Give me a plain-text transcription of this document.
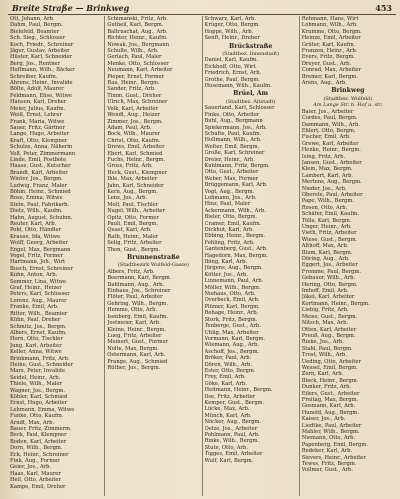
Breite Straße — Brinkweg	453
Ott, Johann, Arb.
Dahm, Paul, Bergm.
Bielefeld, Beamter
Sch. Sieg., Schlosser
Koch, Friedr., Schreiner
Jäger, Gustav, Arbeiter
Hüster, Karl, Schneider
Berg, Jos., Rentner
Hoffmann, Wilh., Bäcker
Schreiber, Kaufm.
Ahrens, Heinr., Invalide
Bölte, Adolf, Maurer
Feldmann, Elise, Witwe
Hansen, Karl, Dreher
Meier, Julius, Kaufm.
Weiß, Ernst, Lehrer
Frank, Maria, Witwe
Sauer, Fritz, Gärtner
Lange, Hugo, Arbeiter
Kraft, Otto, Klempner
Schulze, Anna, Näherin
Voß, Peter, Zimmermann
Linde, Emil, Postbote
Haase, Gust., Kutscher
Brandt, Karl, Arbeiter
Winter, Jos., Bergm.
Ludwig, Franz, Maler
Böhm, Heinr., Schmied
Rose, Emma, Witwe
Stein, Paul, Fabrikarb.
Dietz, Wilh., Kaufm.
Hahn, August, Schuhm.
Reuter, Karl, Arb.
Pohl, Otto, Händler
Krause, Ida, Witwe
Wolff, Georg, Arbeiter
Engel, Max, Bergmann
Vogel, Fritz, Former
Hartmann, Joh., Wirt
Busch, Ernst, Schreiner
Kuhn, Anton, Arb.
Sommer, Lina, Witwe
Graf, Heinr., Heizer
Peters, Karl, Schlosser
Lorenz, Aug., Maurer
Franke, Emil, Arb.
Ritter, Wilh., Beamter
Kühn, Paul, Dreher
Schmitz, Jos., Bergm.
Albers, Ernst, Kaufm.
Horn, Otto, Tischler
Jung, Karl, Arbeiter
Keller, Anna, Witwe
Brinkmann, Fritz, Arb.
Heine, Gust., Schneider
Marx, Peter, Invalide
Seidel, Heinr., Arb.
Thiele, Wilh., Maler
Wagner, Jos., Bergm.
Köhler, Karl, Schmied
Ernst, Hugo, Arbeiter
Lehmann, Emma, Witwe
Funke, Otto, Kaufm.
Arndt, Max, Arb.
Bauer, Fritz, Zimmerm.
Beck, Paul, Klempner
Boden, Karl, Arbeiter
Dorn, Wilh., Bergm.
Eck, Heinr., Schreiner
Fink, Aug., Former
Geier, Jos., Arb.
Haas, Karl, Maurer
Heil, Otto, Arbeiter
Kampe, Emil, Dreher
Schimanski, Fritz, Arb.
Gutheil, Karl, Bergm.
Baltruschat, Aug., Arb.
Richter, Heinr., Kaufm.
Nowak, Jos., Bergmann
Schulte, Wilh., Arb.
Gerlach, Paul, Maler
Menke, Otto, Schlosser
Neumann, Karl, Arbeiter
Pieper, Ernst, Former
Rau, Heinr., Bergm.
Sander, Fritz, Arb.
Timm, Gust., Dreher
Ulrich, Max, Schreiner
Volk, Karl, Arbeiter
Wendt, Aug., Heizer
Zimmer, Jos., Bergm.
Adam, Paul, Arb.
Bock, Wilh., Maurer
Christ, Otto, Kaufm.
Drews, Emil, Arbeiter
Ebert, Karl, Schmied
Fuchs, Heinr., Bergm.
Gross, Fritz, Arb.
Heck, Gust., Klempner
Ihle, Max, Arbeiter
Jahn, Karl, Schneider
Kern, Aug., Bergm.
Lenz, Jos., Arb.
Moll, Paul, Tischler
Nagel, Wilh., Arbeiter
Opitz, Otto, Former
Pauli, Emil, Bergm.
Quast, Karl, Arb.
Rath, Heinr., Maler
Selig, Fritz, Arbeiter
Thon, Gust., Bergm.
Brunnenstraße
(Stadtbezirk Wulfeld-Gasse)
Albers, Fritz, Arb.
Beermann, Karl, Bergm.
Dahlmann, Aug., Arb.
Einhaus, Jos., Schreiner
Flöter, Paul, Arbeiter
Gehring, Wilh., Bergm.
Hemme, Otto, Arb.
Isenberg, Emil, Kaufm.
Jostmeier, Karl, Arb.
Kleine, Heinr., Bergm.
Lueg, Fritz, Arbeiter
Meinert, Gust., Former
Nolte, Max, Bergm.
Ostermann, Karl, Arb.
Prange, Aug., Schmied
Rüther, Jos., Bergm.
Schwarz, Karl, Arb.
Krüger, Otto, Bergm.
Hoppe, Wilh., Arb.
Senft, Heinr., Dreher
Brückstraße
(Stadtbez. Innenstadt)
Daniel, Karl, Kaufm.
Eickhoff, Otto, Wirt
Friedrich, Ernst, Arb.
Grothe, Paul, Bergm.
Husemann, Wilh., Kaufm.
Brüel, Am
(Stadtbez. Altstadt)
Sauerland, Karl, Schlosser
Finke, Otto, Arbeiter
Buhl, Aug., Bergmann
Spiekermann, Jos., Arb.
Schulte, Paul, Kaufm.
Hollmann, Wilh., Arb.
Wolter, Emil, Bergm.
Große, Karl, Schreiner
Dreier, Heinr., Arb.
Kuhlmann, Fritz, Bergm.
Otto, Gust., Arbeiter
Weber, Max, Former
Brüggemann, Karl, Arb.
Vogt, Aug., Bergm.
Lohmann, Jos., Arb.
Hinz, Paul, Maler
Ackermann, Wilh., Arb.
Bieler, Otto, Bergm.
Cramer, Emil, Kaufm.
Dickhut, Karl, Arb.
Ebbing, Heinr., Bergm.
Fehling, Fritz, Arb.
Gantenberg, Gust., Arb.
Hagedorn, Max, Bergm.
Ibing, Karl, Arb.
Jürgens, Aug., Bergm.
Kötter, Jos., Arb.
Linnemann, Paul, Arb.
Möller, Wilh., Bergm.
Niehaus, Otto, Arb.
Overbeck, Emil, Arb.
Plümer, Karl, Bergm.
Rehage, Heinr., Arb.
Stork, Fritz, Bergm.
Tenberge, Gust., Arb.
Uhlig, Max, Arbeiter
Vormann, Karl, Bergm.
Wiemann, Aug., Arb.
Aschoff, Jos., Bergm.
Bröker, Paul, Arb.
Dören, Wilh., Arb.
Ester, Otto, Bergm.
Frey, Emil, Arb.
Göke, Karl, Arb.
Heitmann, Heinr., Bergm.
Ilse, Fritz, Arbeiter
Kemper, Gust., Bergm.
Lücke, Max, Arb.
Münch, Karl, Arb.
Nöcker, Aug., Bergm.
Oelze, Jos., Arbeiter
Pohlmann, Paul, Arb.
Rinke, Wilh., Bergm.
Stute, Otto, Arb.
Tigges, Emil, Arbeiter
Wulf, Karl, Bergm.
Rehmann, Hans, Wirt
Lohmann, Wilh., Arb.
Krumme, Otto, Bergm.
Heinze, Emil, Arbeiter
Grüter, Karl, Kaufm.
Franzen, Heinr., Arb.
Evers, Fritz, Bergm.
Dreyer, Gust., Arb.
Conrad, Max, Arbeiter
Bremer, Karl, Bergm.
Arens, Aug., Arb.
Brinkweg
(Stadtbez. Wulfeld)
Am Lange Str. b. Hof u. str.
Baier, Jos., Arbeiter
Cordes, Paul, Bergm.
Dammann, Wilh., Arb.
Ehlert, Otto, Bergm.
Fischer, Emil, Arb.
Grewe, Karl, Arbeiter
Henke, Heinr., Bergm.
Ising, Fritz, Arb.
Jansen, Gust., Arbeiter
Klein, Max, Bergm.
Lambert, Karl, Arb.
Mertens, Aug., Bergm.
Nieder, Jos., Arb.
Oberste, Paul, Arbeiter
Pape, Wilh., Bergm.
Rosen, Otto, Arb.
Schäfer, Emil, Kaufm.
Tölle, Karl, Bergm.
Unger, Heinr., Arb.
Vieth, Fritz, Arbeiter
Wiese, Gust., Bergm.
Althoff, Max, Arb.
Blum, Karl, Bergm.
Döring, Aug., Arb.
Eggert, Jos., Arbeiter
Fromme, Paul, Bergm.
Gebauer, Wilh., Arb.
Hering, Otto, Bergm.
Imhoff, Emil, Arb.
Jäkel, Karl, Arbeiter
Kortmann, Heinr., Bergm.
Liebig, Fritz, Arb.
Meise, Gust., Bergm.
Nitsch, Max, Arb.
Otten, Karl, Arbeiter
Preuß, Aug., Bergm.
Rieke, Jos., Arb.
Stahl, Paul, Bergm.
Trost, Wilh., Arb.
Ueding, Otto, Arbeiter
Wessel, Emil, Bergm.
Zorn, Karl, Arb.
Bleck, Heinr., Bergm.
Dunker, Fritz, Arb.
Eilers, Gust., Arbeiter
Freitag, Max, Bergm.
Gosmann, Karl, Arb.
Hunold, Aug., Bergm.
Kaiser, Jos., Arb.
Liedtke, Paul, Arbeiter
Mahler, Wilh., Bergm.
Niemann, Otto, Arb.
Papenberg, Emil, Bergm.
Redeker, Karl, Arb.
Sievers, Heinr., Arbeiter
Tewes, Fritz, Bergm.
Vollmer, Gust., Arb.
